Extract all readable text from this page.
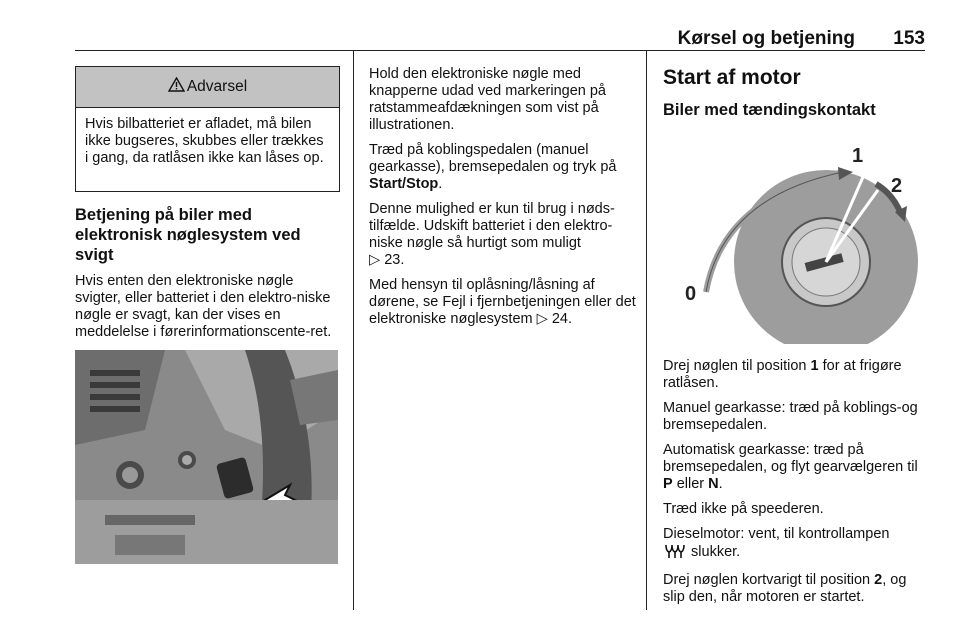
Kørsel og betjening 153
Advarsel
Hvis bilbatteriet er afladet, må bilen ikke bugseres, skubbes eller trækkes i gang, da ratlåsen ikke kan låses op.
Betjening på biler med elektronisk nøglesystem ved svigt

Hvis enten den elektroniske nøgle svigter, eller batteriet i den elektro-niske nøgle er svagt, kan der vises en meddelelse i førerinformationscente-ret.

Hold den elektroniske nøgle med knapperne udad ved markeringen på ratstammeafdækningen som vist på illustrationen.

Træd på koblingspedalen (manuel gearkasse), bremsepedalen og tryk på Start/Stop.

Denne mulighed er kun til brug i nøds-tilfælde. Udskift batteriet i den elektro-niske nøgle så hurtigt som muligt
▷ 23.

Med hensyn til oplåsning/låsning af dørene, se Fejl i fjernbetjeningen eller det elektroniske nøglesystem ▷ 24.

Start af motor
Biler med tændingskontakt
1
2
0

Drej nøglen til position 1 for at frigøre ratlåsen.

Manuel gearkasse: træd på koblings-og bremsepedalen.

Automatisk gearkasse: træd på bremsepedalen, og flyt gearvælgeren til P eller N.

Træd ikke på speederen.

Dieselmotor: vent, til kontrollampen
slukker.

Drej nøglen kortvarigt til position 2, og slip den, når motoren er startet.
